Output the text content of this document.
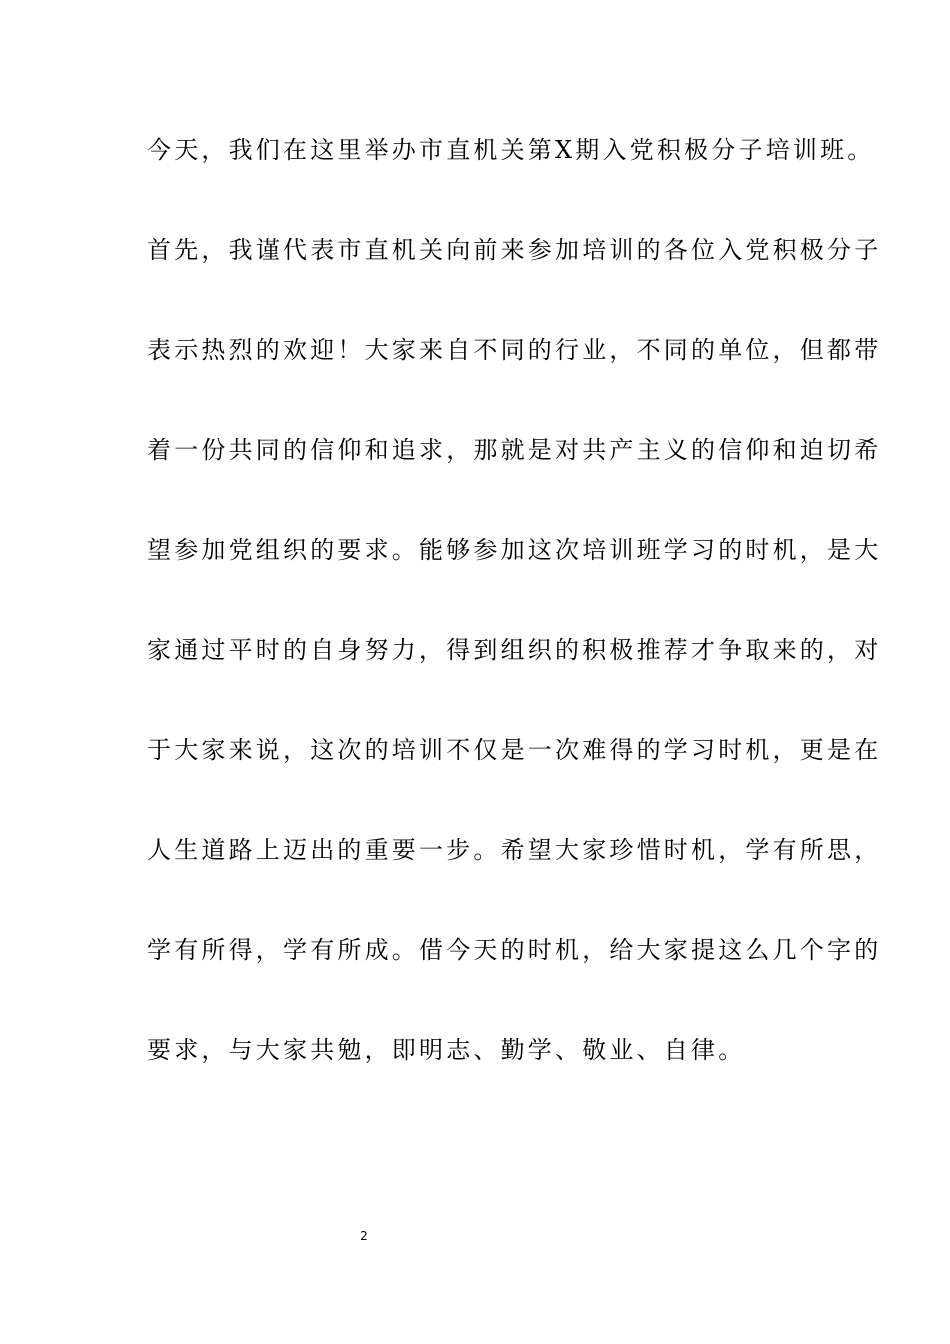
今天，我们在这里举办市直机关第X期入党积极分子培训班。
首先，我谨代表市直机关向前来参加培训的各位入党积极分子
表示热烈的欢迎！大家来自不同的行业，不同的单位，但都带
着一份共同的信仰和追求，那就是对共产主义的信仰和迫切希
望参加党组织的要求。能够参加这次培训班学习的时机，是大
家通过平时的自身努力，得到组织的积极推荐才争取来的，对
于大家来说，这次的培训不仅是一次难得的学习时机，更是在
人生道路上迈出的重要一步。希望大家珍惜时机，学有所思，
学有所得，学有所成。借今天的时机，给大家提这么几个字的
要求，与大家共勉，即明志、勤学、敬业、自律。
2
